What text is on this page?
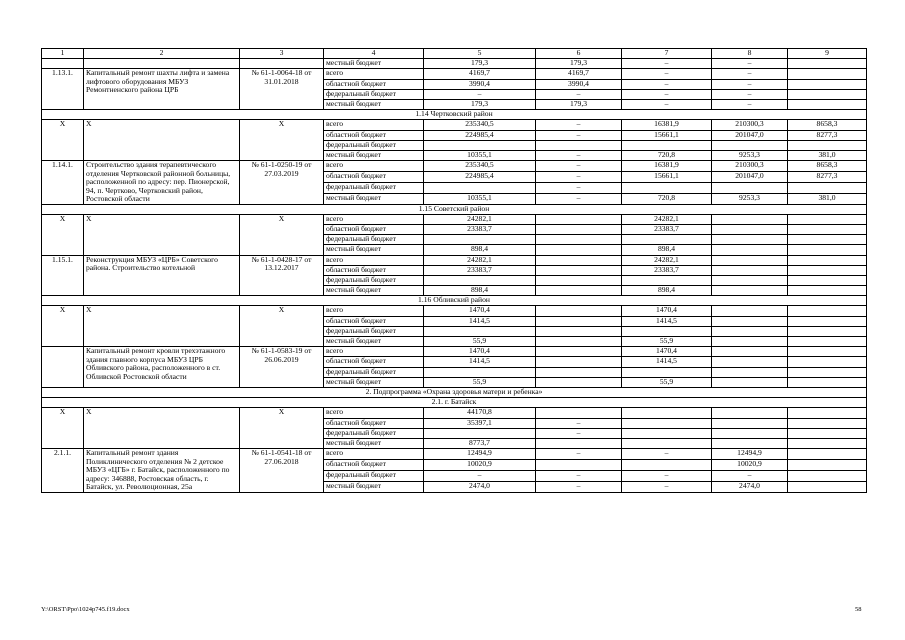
1	2	3	4	5	6	7	8	9
			местный бюджет	179,3	179,3	–	–	
1.13.1.	Капитальный ремонт шахты лифта и замена лифтового оборудования МБУЗ Ремонтненского района ЦРБ	№ 61-1-0064-18 от 31.01.2018	всего	4169,7	4169,7	–	–	
			областной бюджет	3990,4	3990,4	–	–	
			федеральный бюджет	–	–	–	–	
			местный бюджет	179,3	179,3	–	–	
1.14 Чертковский район								
X	X	X	всего	235340,5	–	16381,9	210300,3	8658,3
			областной бюджет	224985,4	–	15661,1	201047,0	8277,3
			федеральный бюджет					
			местный бюджет	10355,1	–	720,8	9253,3	381,0
1.14.1.	Строительство здания терапевтического отделения Чертковской районной больницы, расположенной по адресу: пер. Пионерской, 94, п. Чертково, Чертковский район, Ростовской области	№ 61-1-0250-19 от 27.03.2019	всего	235340,5	–	16381,9	210300,3	8658,3
			областной бюджет	224985,4	–	15661,1	201047,0	8277,3
			федеральный бюджет		–			
			местный бюджет	10355,1	–	720,8	9253,3	381,0
1.15 Советский район								
X	X	X	всего	24282,1		24282,1		
			областной бюджет	23383,7		23383,7		
			федеральный бюджет					
			местный бюджет	898,4		898,4		
1.15.1.	Реконструкция МБУЗ «ЦРБ» Советского района. Строительство котельной	№ 61-1-0428-17 от 13.12.2017	всего	24282,1		24282,1		
			областной бюджет	23383,7		23383,7		
			федеральный бюджет					
			местный бюджет	898,4		898,4		
1.16 Обливский район								
X	X	X	всего	1470,4		1470,4		
			областной бюджет	1414,5		1414,5		
			федеральный бюджет					
			местный бюджет	55,9		55,9		
	Капитальный ремонт кровли трехэтажного здания главного корпуса МБУЗ ЦРБ Обливского района, расположенного в ст. Обливской Ростовской области	№ 61-1-0583-19 от 26.06.2019	всего	1470,4		1470,4		
			областной бюджет	1414,5		1414,5		
			федеральный бюджет					
			местный бюджет	55,9		55,9		
2. Подпрограмма «Охрана здоровья матери и ребенка»								
2.1. г. Батайск								
X	X	X	всего	44170,8				
			областной бюджет	35397,1	–			
			федеральный бюджет		–			
			местный бюджет	8773,7				
2.1.1.	Капитальный ремонт здания Поликлинического отделения № 2 детское МБУЗ «ЦГБ» г. Батайск, расположенного по адресу: 346888, Ростовская область, г. Батайск, ул. Революционная, 25а	№ 61-1-0541-18 от 27.06.2018	всего	12494,9	–	–	12494,9	
			областной бюджет	10020,9			10020,9	
			федеральный бюджет	–	–	–	–	
			местный бюджет	2474,0	–	–	2474,0	
Y:\ORST\Ppo\1024p745.f19.docx	58
